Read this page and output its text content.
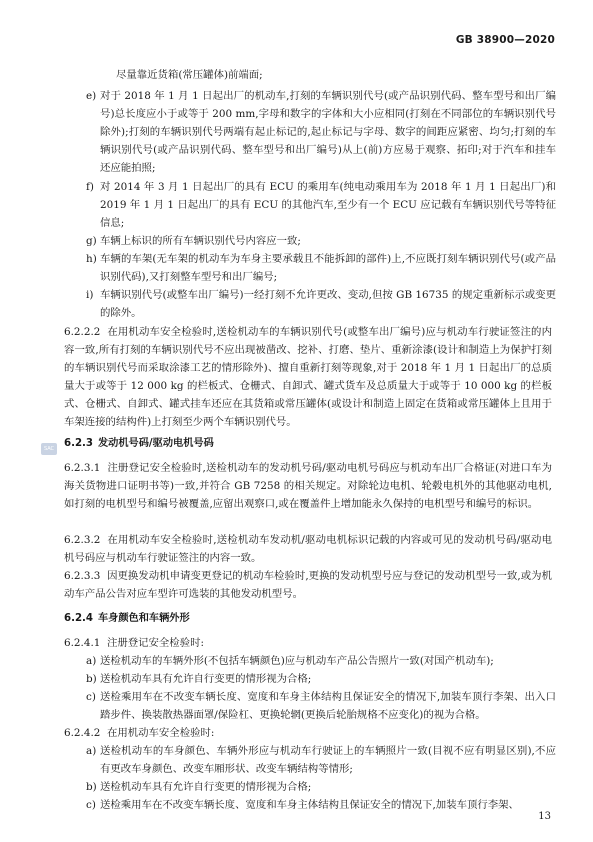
GB 38900—2020
SAC
尽量靠近货箱(常压罐体)前端面;
e) 对于 2018 年 1 月 1 日起出厂的机动车,打刻的车辆识别代号(或产品识别代码、整车型号和出厂编号)总长度应小于或等于 200 mm,字母和数字的字体和大小应相同(打刻在不同部位的车辆识别代号除外);打刻的车辆识别代号两端有起止标记的,起止标记与字母、数字的间距应紧密、均匀;打刻的车辆识别代号(或产品识别代码、整车型号和出厂编号)从上(前)方应易于观察、拓印;对于汽车和挂车还应能拍照;
f) 对 2014 年 3 月 1 日起出厂的具有 ECU 的乘用车(纯电动乘用车为 2018 年 1 月 1 日起出厂)和 2019 年 1 月 1 日起出厂的具有 ECU 的其他汽车,至少有一个 ECU 应记载有车辆识别代号等特征信息;
g) 车辆上标识的所有车辆识别代号内容应一致;
h) 车辆的车架(无车架的机动车为车身主要承载且不能拆卸的部件)上,不应既打刻车辆识别代号(或产品识别代码),又打刻整车型号和出厂编号;
i) 车辆识别代号(或整车出厂编号)一经打刻不允许更改、变动,但按 GB 16735 的规定重新标示或变更的除外。
6.2.2.2 在用机动车安全检验时,送检机动车的车辆识别代号(或整车出厂编号)应与机动车行驶证签注的内容一致,所有打刻的车辆识别代号不应出现被凿改、挖补、打磨、垫片、重新涂漆(设计和制造上为保护打刻的车辆识别代号而采取涂漆工艺的情形除外)、擅自重新打刻等现象,对于 2018 年 1 月 1 日起出厂的总质量大于或等于 12 000 kg 的栏板式、仓栅式、自卸式、罐式货车及总质量大于或等于 10 000 kg 的栏板式、仓栅式、自卸式、罐式挂车还应在其货箱或常压罐体(或设计和制造上固定在货箱或常压罐体上且用于车架连接的结构件)上打刻至少两个车辆识别代号。
6.2.3 发动机号码/驱动电机号码
6.2.3.1 注册登记安全检验时,送检机动车的发动机号码/驱动电机号码应与机动车出厂合格证(对进口车为海关货物进口证明书等)一致,并符合 GB 7258 的相关规定。对除轮边电机、轮毂电机外的其他驱动电机,如打刻的电机型号和编号被覆盖,应留出观察口,或在覆盖件上增加能永久保持的电机型号和编号的标识。
6.2.3.2 在用机动车安全检验时,送检机动车发动机/驱动电机标识记载的内容或可见的发动机号码/驱动电机号码应与机动车行驶证签注的内容一致。
6.2.3.3 因更换发动机申请变更登记的机动车检验时,更换的发动机型号应与登记的发动机型号一致,或为机动车产品公告对应车型许可选装的其他发动机型号。
6.2.4 车身颜色和车辆外形
6.2.4.1 注册登记安全检验时:
a) 送检机动车的车辆外形(不包括车辆颜色)应与机动车产品公告照片一致(对国产机动车);
b) 送检机动车具有允许自行变更的情形视为合格;
c) 送检乘用车在不改变车辆长度、宽度和车身主体结构且保证安全的情况下,加装车顶行李架、出入口踏步件、换装散热器面罩/保险杠、更换轮辋(更换后轮胎规格不应变化)的视为合格。
6.2.4.2 在用机动车安全检验时:
a) 送检机动车的车身颜色、车辆外形应与机动车行驶证上的车辆照片一致(目视不应有明显区别),不应有更改车身颜色、改变车厢形状、改变车辆结构等情形;
b) 送检机动车具有允许自行变更的情形视为合格;
c) 送检乘用车在不改变车辆长度、宽度和车身主体结构且保证安全的情况下,加装车顶行李架、
13
